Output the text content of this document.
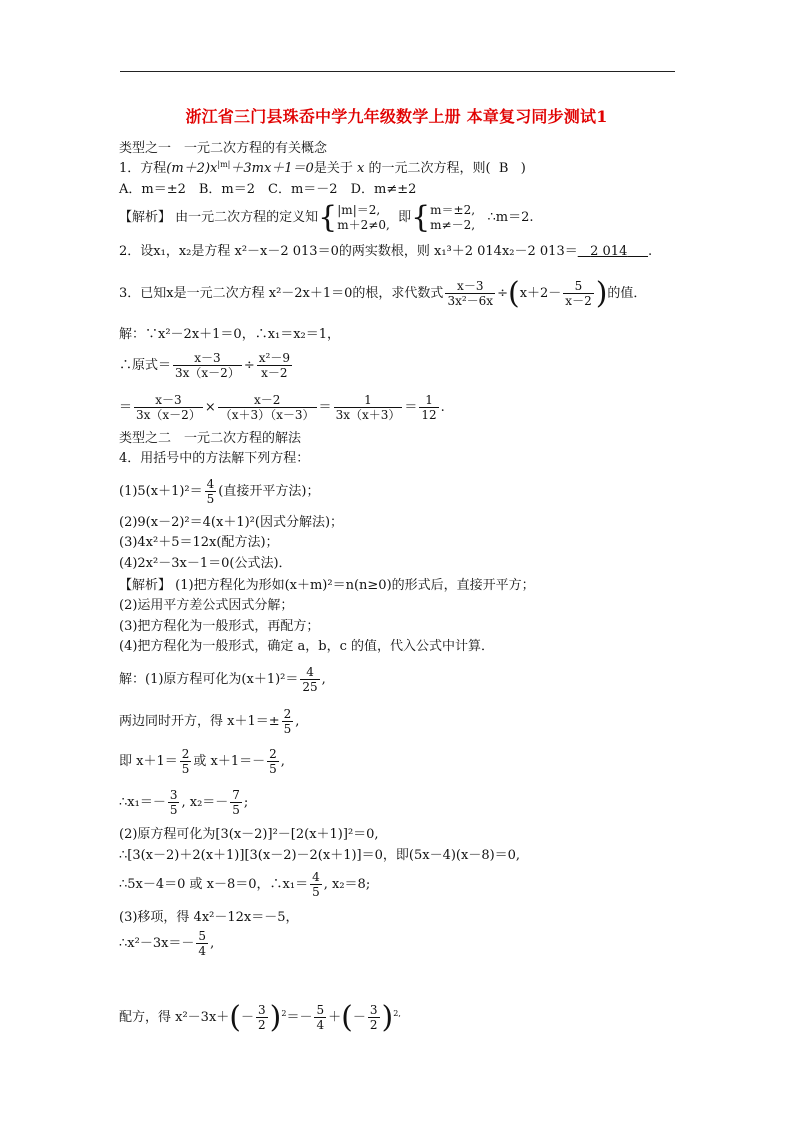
浙江省三门县珠岙中学九年级数学上册 本章复习同步测试1
类型之一　一元二次方程的有关概念
1．方程$(m+2)x^{|m|}+3mx+1=0$是关于 x 的一元二次方程，则( B )
A．m＝±2　B．m＝2　C．m＝－2　D．m≠±2
【解析】 由一元二次方程的定义知{ |m|＝2,
m＋2≠0, 即{ m＝±2,
m≠－2, ∴m＝2.
2．设x₁，x₂是方程 x²－x－2 013＝0的两实数根，则 x₁³＋2 014x₂－2 013＝ 2 014 .
3．已知x是一元二次方程 x²－2x＋1＝0的根，求代数式 $\frac{x-3}{\text{3x²－6x}} \div(x+2- \frac{5}{x-2}$ )的值．
解：∵x²－2x＋1＝0，∴x₁＝x₂＝1，
∴原式＝ $\frac{x-3}{3x(x-2)} \div \frac{\text{x²－9}}{x-2}$
＝ $\frac{x-3}{3x(x-2)} \times \frac{x-2}{(x+3)(x-3)} = \frac{1}{3x(x+3)} = \frac{1}{12}$ .
类型之二　一元二次方程的解法
4．用括号中的方法解下列方程：
$(1)5(x+1)^2= \frac{4}{5}$ (直接开平方法)；
(2)9(x－2)²＝4(x＋1)²(因式分解法)；
(3)4x²＋5＝12x(配方法)；
(4)2x²－3x－1＝0(公式法)．
【解析】 (1)把方程化为形如(x＋m)²＝n(n≥0)的形式后，直接开平方；
(2)运用平方差公式因式分解；
(3)把方程化为一般形式，再配方；
(4)把方程化为一般形式，确定 a，b，c 的值，代入公式中计算．
解：(1)原方程可化为$(x+1)^2= \frac{4}{25}$ ,
两边同时开方，得 $x+1=\pm \frac{2}{5}$ ,
即 $x+1= \frac{2}{5}$ 或 $x+1=- \frac{2}{5}$ ,
∴x₁＝－ $\frac{3}{5}$ , $x_2=- \frac{7}{5}$ ;
(2)原方程可化为[3(x－2)]²－[2(x＋1)]²＝0,
∴[3(x－2)＋2(x＋1)][3(x－2)－2(x＋1)]＝0，即(5x－4)(x－8)＝0,
∴5x－4＝0 或 x－8＝0，∴x₁＝ $\frac{4}{5}$ , x₂＝8;
(3)移项，得 4x²－12x＝－5，
∴x²－3x＝－ $\frac{5}{4}$ ,
配方，得 $x^2-3x+(- \frac{3}{2} )^2=- \frac{5}{4}$ ＋(－ $\frac{3}{2} )^{2,}$
